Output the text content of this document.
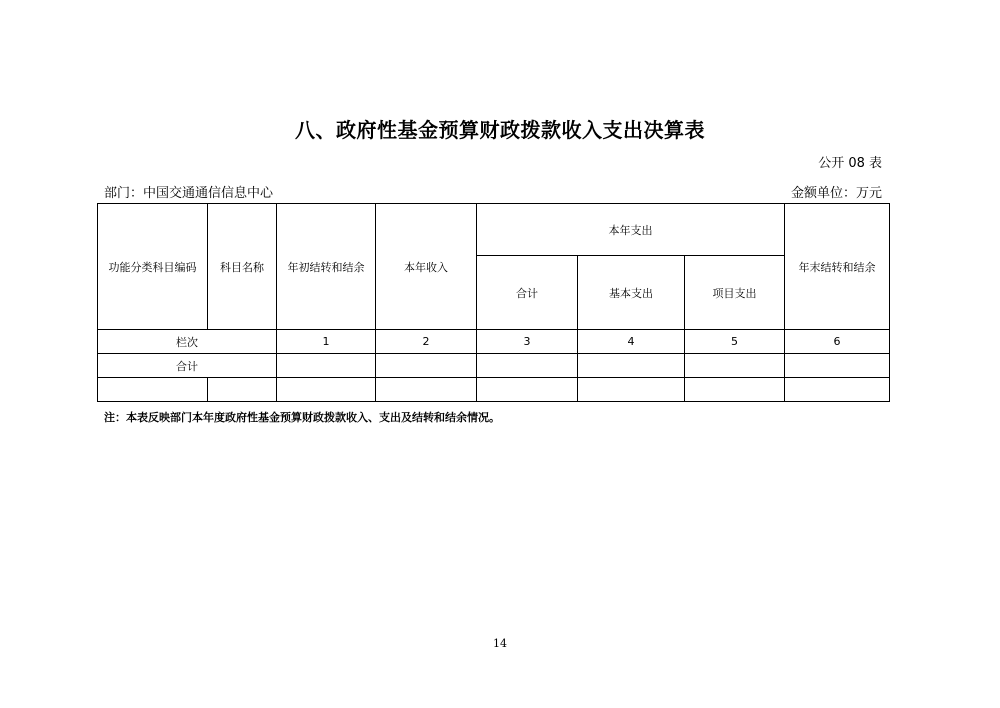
八、政府性基金预算财政拨款收入支出决算表
公开 08 表
部门：中国交通通信信息中心	金额单位：万元
功能分类科目编码	科目名称	年初结转和结余	本年收入	本年支出			年末结转和结余
				合计	基本支出	项目支出	
栏次		1	2	3	4	5	6
合计							

注：本表反映部门本年度政府性基金预算财政拨款收入、支出及结转和结余情况。
14
